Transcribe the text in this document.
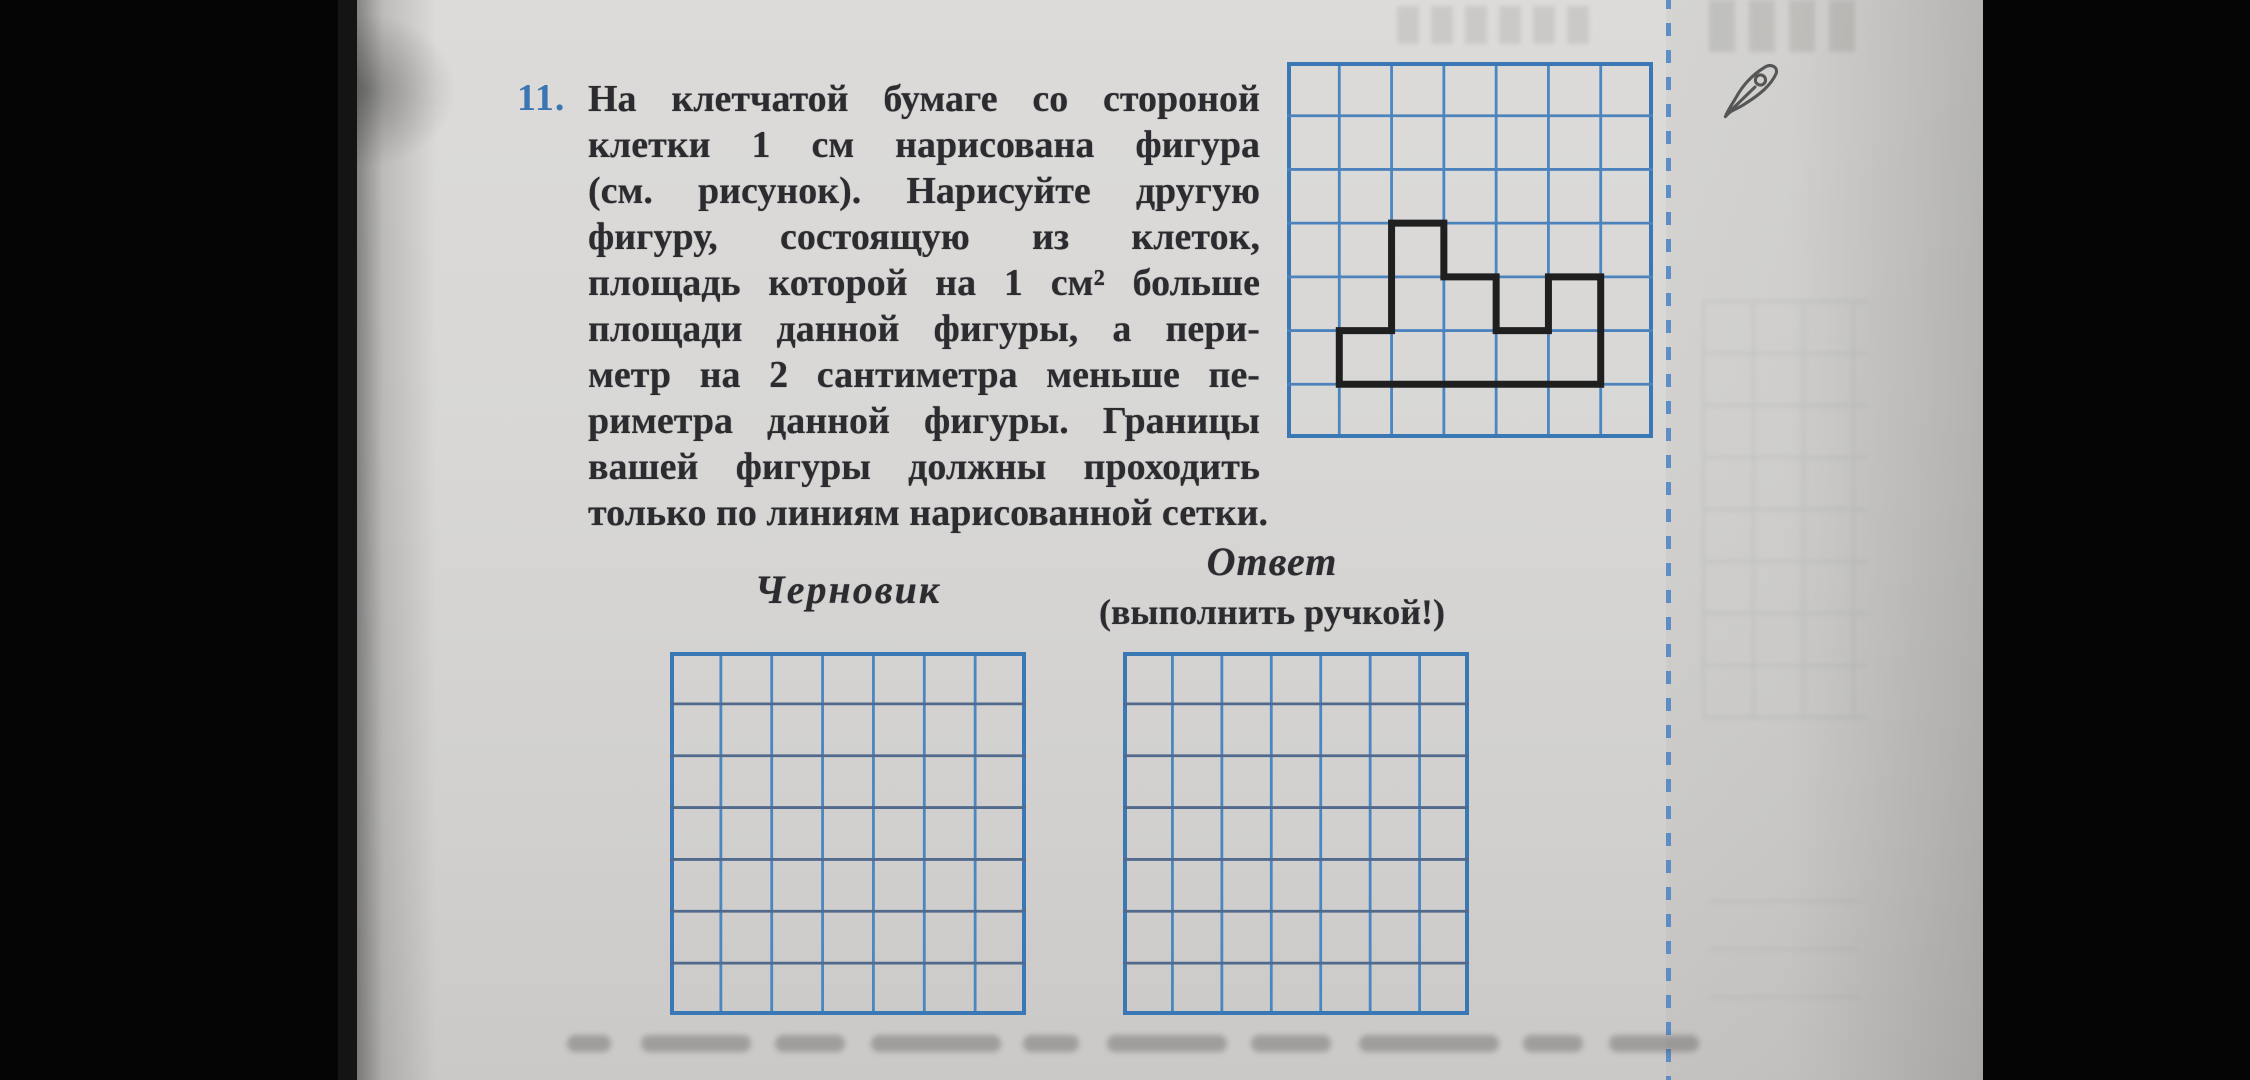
11. На клетчатой бумаге со стороной
клетки 1 см нарисована фигура
(см. рисунок). Нарисуйте другую
фигуру, состоящую из клеток,
площадь которой на 1 см² больше
площади данной фигуры, а пери-
метр на 2 сантиметра меньше пе-
риметра данной фигуры. Границы
вашей фигуры должны проходить
только по линиям нарисованной сетки.
Черновик
Ответ
(выполнить ручкой!)
